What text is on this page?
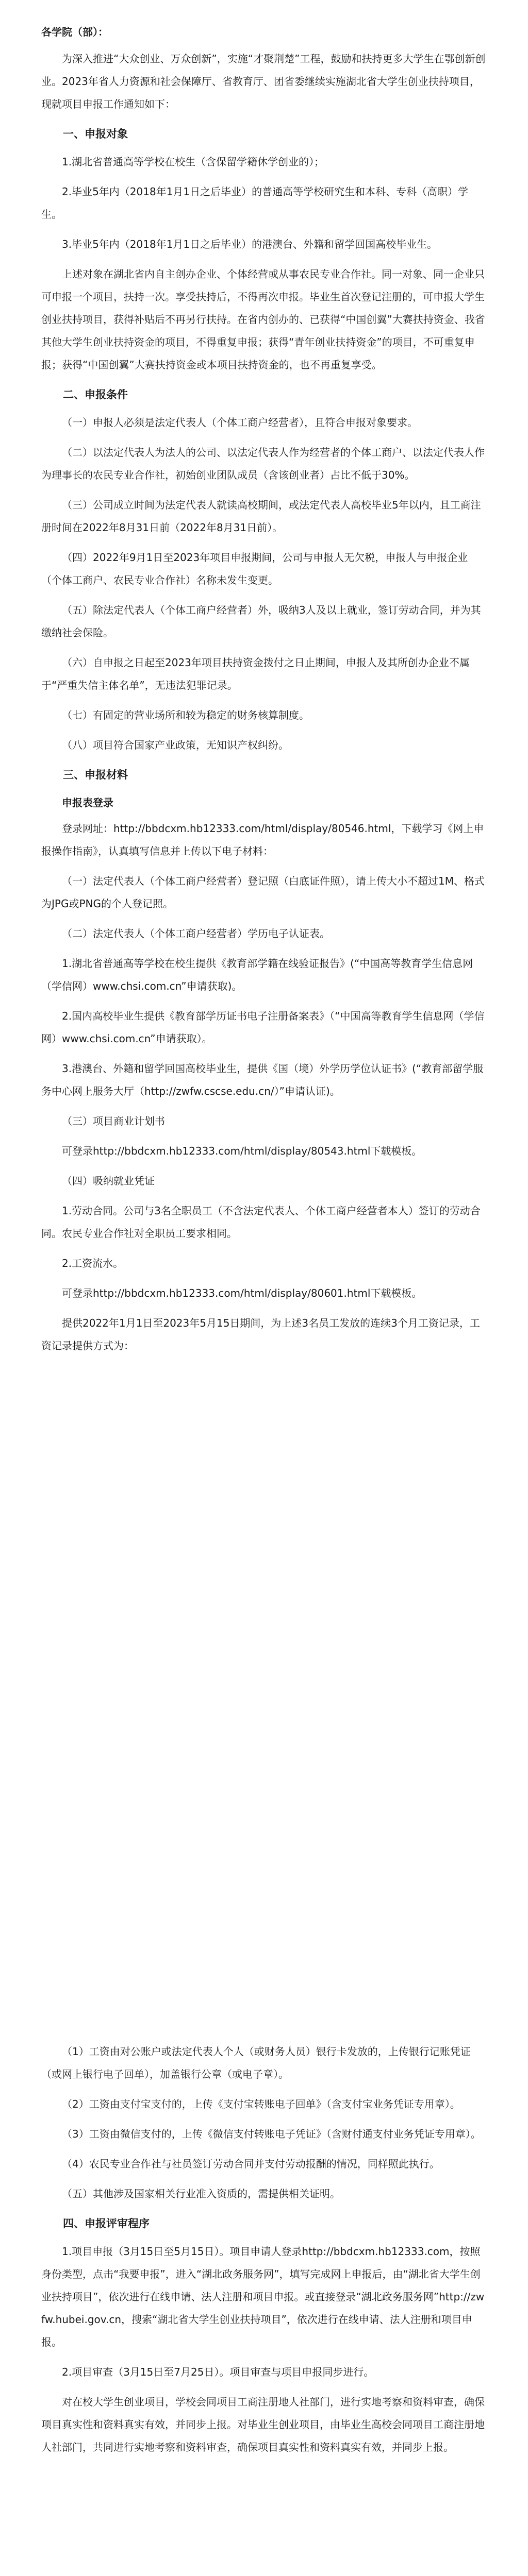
各学院（部）：

为深入推进“大众创业、万众创新”，实施“才聚荆楚”工程，鼓励和扶持更多大学生在鄂创新创业。2023年省人力资源和社会保障厅、省教育厅、团省委继续实施湖北省大学生创业扶持项目，现就项目申报工作通知如下：

一、申报对象

1.湖北省普通高等学校在校生（含保留学籍休学创业的）；

2.毕业5年内（2018年1月1日之后毕业）的普通高等学校研究生和本科、专科（高职）学生。

3.毕业5年内（2018年1月1日之后毕业）的港澳台、外籍和留学回国高校毕业生。

上述对象在湖北省内自主创办企业、个体经营或从事农民专业合作社。同一对象、同一企业只可申报一个项目，扶持一次。享受扶持后，不得再次申报。毕业生首次登记注册的，可申报大学生创业扶持项目，获得补贴后不再另行扶持。在省内创办的、已获得“中国创翼”大赛扶持资金、我省其他大学生创业扶持资金的项目，不得重复申报；获得“青年创业扶持资金”的项目，不可重复申报；获得“中国创翼”大赛扶持资金或本项目扶持资金的，也不再重复享受。

二、申报条件

（一）申报人必须是法定代表人（个体工商户经营者），且符合申报对象要求。

（二）以法定代表人为法人的公司、以法定代表人作为经营者的个体工商户、以法定代表人作为理事长的农民专业合作社，初始创业团队成员（含该创业者）占比不低于30%。

（三）公司成立时间为法定代表人就读高校期间，或法定代表人高校毕业5年以内，且工商注册时间在2022年8月31日前（2022年8月31日前）。

（四）2022年9月1日至2023年项目申报期间，公司与申报人无欠税，申报人与申报企业（个体工商户、农民专业合作社）名称未发生变更。

（五）除法定代表人（个体工商户经营者）外，吸纳3人及以上就业，签订劳动合同，并为其缴纳社会保险。

（六）自申报之日起至2023年项目扶持资金拨付之日止期间，申报人及其所创办企业不属于“严重失信主体名单”，无违法犯罪记录。

（七）有固定的营业场所和较为稳定的财务核算制度。

（八）项目符合国家产业政策，无知识产权纠纷。

三、申报材料
申报表登录

登录网址：http://bbdcxm.hb12333.com/html/display/80546.html，下载学习《网上申报操作指南》，认真填写信息并上传以下电子材料：

（一）法定代表人（个体工商户经营者）登记照（白底证件照），请上传大小不超过1M、格式为JPG或PNG的个人登记照。

（二）法定代表人（个体工商户经营者）学历电子认证表。

1.湖北省普通高等学校在校生提供《教育部学籍在线验证报告》(“中国高等教育学生信息网（学信网）www.chsi.com.cn”申请获取)。

2.国内高校毕业生提供《教育部学历证书电子注册备案表》（“中国高等教育学生信息网（学信网）www.chsi.com.cn”申请获取）。

3.港澳台、外籍和留学回国高校毕业生，提供《国（境）外学历学位认证书》(“教育部留学服务中心网上服务大厅（http://zwfw.cscse.edu.cn/）”申请认证)。

（三）项目商业计划书

可登录http://bbdcxm.hb12333.com/html/display/80543.html下载模板。

（四）吸纳就业凭证

1.劳动合同。公司与3名全职员工（不含法定代表人、个体工商户经营者本人）签订的劳动合同。农民专业合作社对全职员工要求相同。

2.工资流水。

可登录http://bbdcxm.hb12333.com/html/display/80601.html下载模板。

提供2022年1月1日至2023年5月15日期间，为上述3名员工发放的连续3个月工资记录，工资记录提供方式为：

（1）工资由对公账户或法定代表人个人（或财务人员）银行卡发放的，上传银行记账凭证（或网上银行电子回单），加盖银行公章（或电子章）。

（2）工资由支付宝支付的，上传《支付宝转账电子回单》（含支付宝业务凭证专用章）。

（3）工资由微信支付的，上传《微信支付转账电子凭证》（含财付通支付业务凭证专用章）。

（4）农民专业合作社与社员签订劳动合同并支付劳动报酬的情况，同样照此执行。

（五）其他涉及国家相关行业准入资质的，需提供相关证明。

四、申报评审程序

1.项目申报（3月15日至5月15日）。项目申请人登录http://bbdcxm.hb12333.com，按照身份类型，点击“我要申报”，进入“湖北政务服务网”，填写完成网上申报后，由“湖北省大学生创业扶持项目”，依次进行在线申请、法人注册和项目申报。或直接登录“湖北政务服务网”http://zwfw.hubei.gov.cn，搜索“湖北省大学生创业扶持项目”，依次进行在线申请、法人注册和项目申报。

2.项目审查（3月15日至7月25日）。项目审查与项目申报同步进行。

对在校大学生创业项目，学校会同项目工商注册地人社部门，进行实地考察和资料审查，确保项目真实性和资料真实有效，并同步上报。对毕业生创业项目，由毕业生高校会同项目工商注册地人社部门，共同进行实地考察和资料审查，确保项目真实性和资料真实有效，并同步上报。
